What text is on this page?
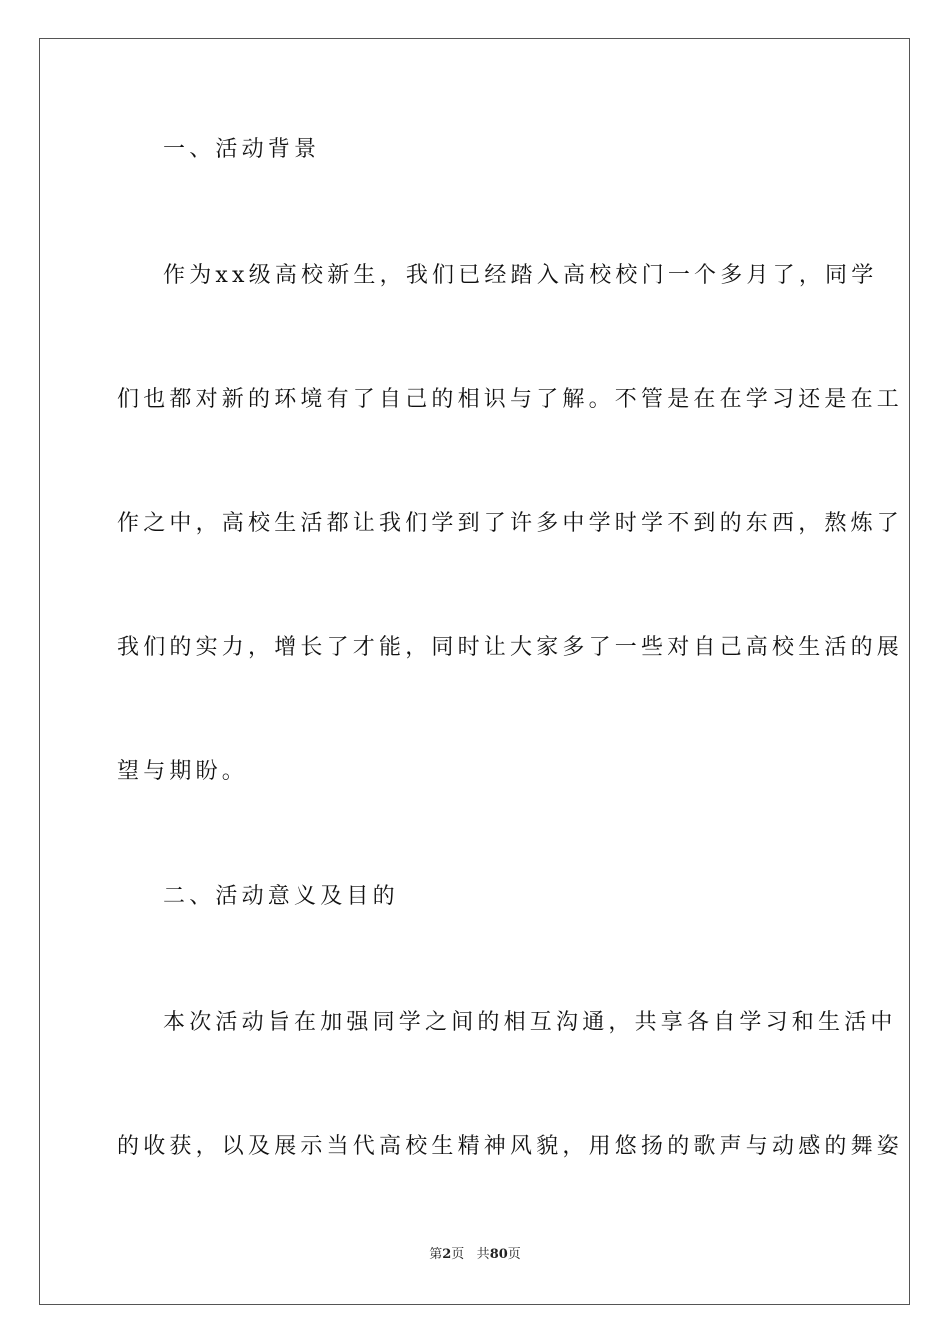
一、活动背景
作为xx级高校新生，我们已经踏入高校校门一个多月了，同学
们也都对新的环境有了自己的相识与了解。不管是在在学习还是在工
作之中，高校生活都让我们学到了许多中学时学不到的东西，熬炼了
我们的实力，增长了才能，同时让大家多了一些对自己高校生活的展
望与期盼。
二、活动意义及目的
本次活动旨在加强同学之间的相互沟通，共享各自学习和生活中
的收获，以及展示当代高校生精神风貌，用悠扬的歌声与动感的舞姿
第2页 共80页
